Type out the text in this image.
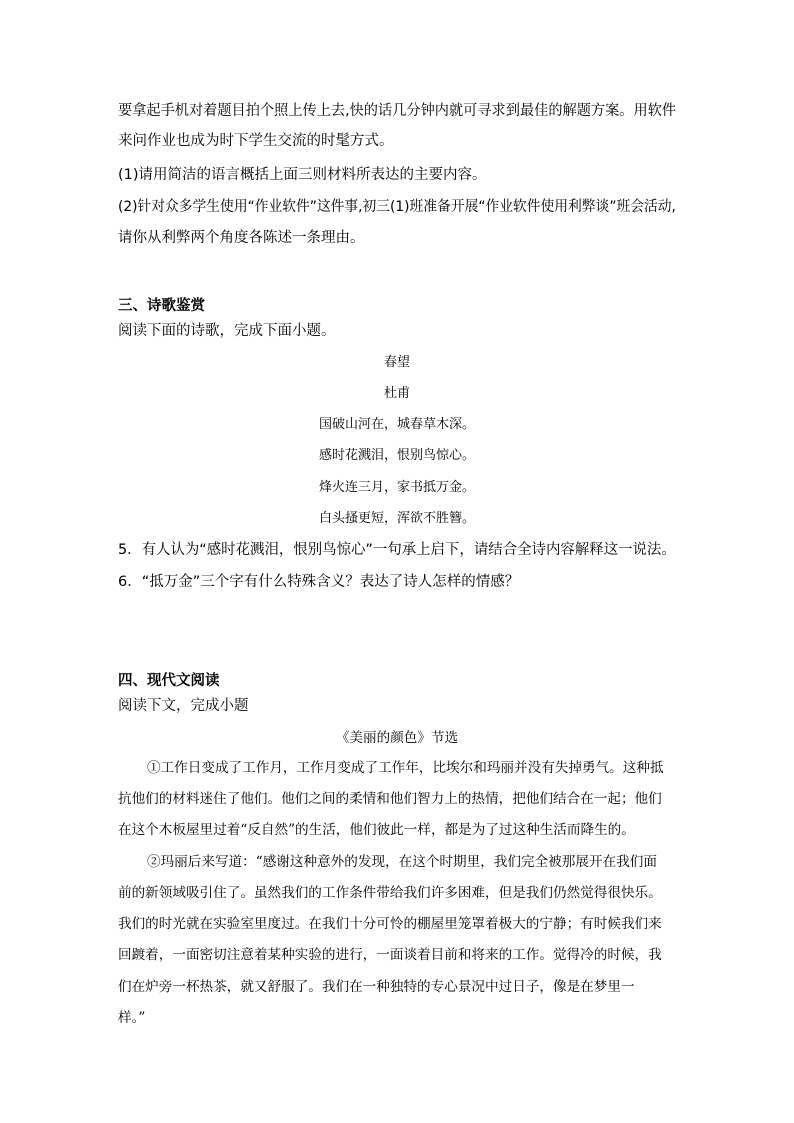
要拿起手机对着题目拍个照上传上去,快的话几分钟内就可寻求到最佳的解题方案。用软件
来问作业也成为时下学生交流的时髦方式。
(1)请用简洁的语言概括上面三则材料所表达的主要内容。
(2)针对众多学生使用“作业软件”这件事,初三(1)班准备开展“作业软件使用利弊谈”班会活动,
请你从利弊两个角度各陈述一条理由。
三、诗歌鉴赏
阅读下面的诗歌，完成下面小题。
春望
杜甫
国破山河在，城春草木深。
感时花溅泪，恨别鸟惊心。
烽火连三月，家书抵万金。
白头搔更短，浑欲不胜簪。
5．有人认为“感时花溅泪，恨别鸟惊心”一句承上启下，请结合全诗内容解释这一说法。
6．“抵万金”三个字有什么特殊含义？表达了诗人怎样的情感？
四、现代文阅读
阅读下文，完成小题
《美丽的颜色》节选
①工作日变成了工作月，工作月变成了工作年，比埃尔和玛丽并没有失掉勇气。这种抵
抗他们的材料迷住了他们。他们之间的柔情和他们智力上的热情，把他们结合在一起；他们
在这个木板屋里过着“反自然”的生活，他们彼此一样，都是为了过这种生活而降生的。
②玛丽后来写道：“感谢这种意外的发现，在这个时期里，我们完全被那展开在我们面
前的新领域吸引住了。虽然我们的工作条件带给我们许多困难，但是我们仍然觉得很快乐。
我们的时光就在实验室里度过。在我们十分可怜的棚屋里笼罩着极大的宁静；有时候我们来
回踱着，一面密切注意着某种实验的进行，一面谈着目前和将来的工作。觉得冷的时候，我
们在炉旁一杯热茶，就又舒服了。我们在一种独特的专心景况中过日子，像是在梦里一
样。”
